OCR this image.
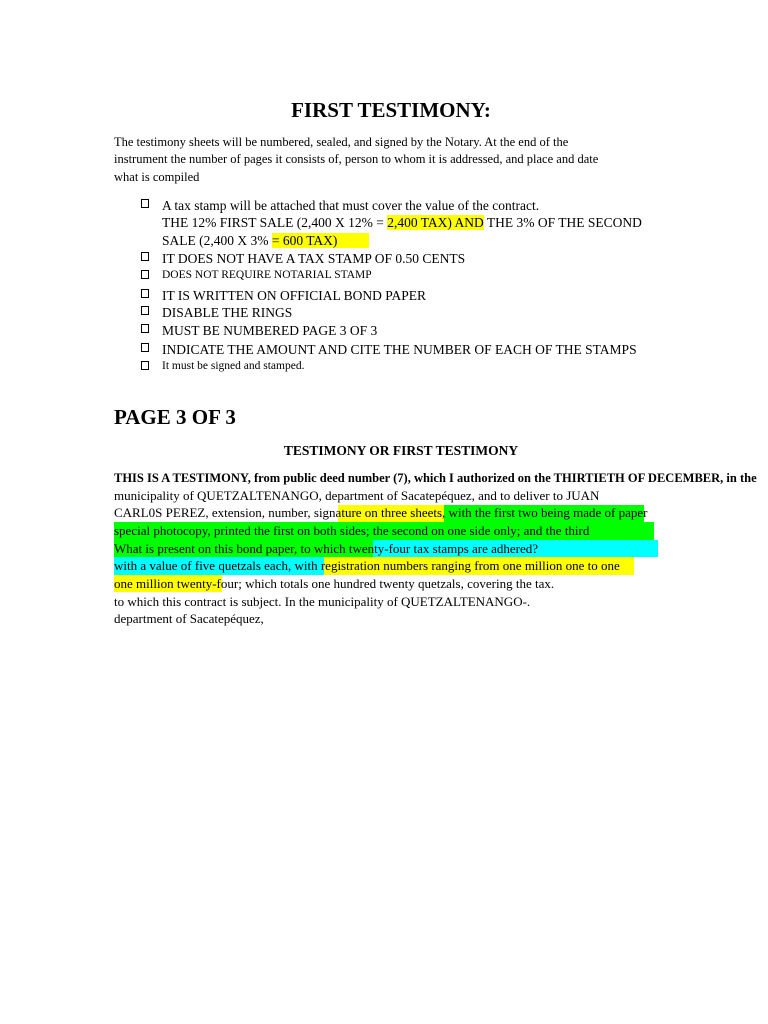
FIRST TESTIMONY:
The testimony sheets will be numbered, sealed, and signed by the Notary. At the end of the
instrument the number of pages it consists of, person to whom it is addressed, and place and date
what is compiled
A tax stamp will be attached that must cover the value of the contract.
THE 12% FIRST SALE (2,400 X 12% = 2,400 TAX) AND THE 3% OF THE SECOND
SALE (2,400 X 3% = 600 TAX)
IT DOES NOT HAVE A TAX STAMP OF 0.50 CENTS
DOES NOT REQUIRE NOTARIAL STAMP
IT IS WRITTEN ON OFFICIAL BOND PAPER
DISABLE THE RINGS
MUST BE NUMBERED PAGE 3 OF 3
INDICATE THE AMOUNT AND CITE THE NUMBER OF EACH OF THE STAMPS
It must be signed and stamped.
PAGE 3 OF 3
TESTIMONY OR FIRST TESTIMONY
THIS IS A TESTIMONY, from public deed number (7), which I authorized on the THIRTIETH OF DECEMBER, in the
municipality of QUETZALTENANGO, department of Sacatepéquez, and to deliver to JUAN
CARL0S PEREZ, extension, number, signature on three sheets, with the first two being made of paper
special photocopy, printed the first on both sides; the second on one side only; and the third
What is present on this bond paper, to which twenty-four tax stamps are adhered?
with a value of five quetzals each, with registration numbers ranging from one million one to one
one million twenty-four; which totals one hundred twenty quetzals, covering the tax.
to which this contract is subject. In the municipality of QUETZALTENANGO-.
department of Sacatepéquez,
